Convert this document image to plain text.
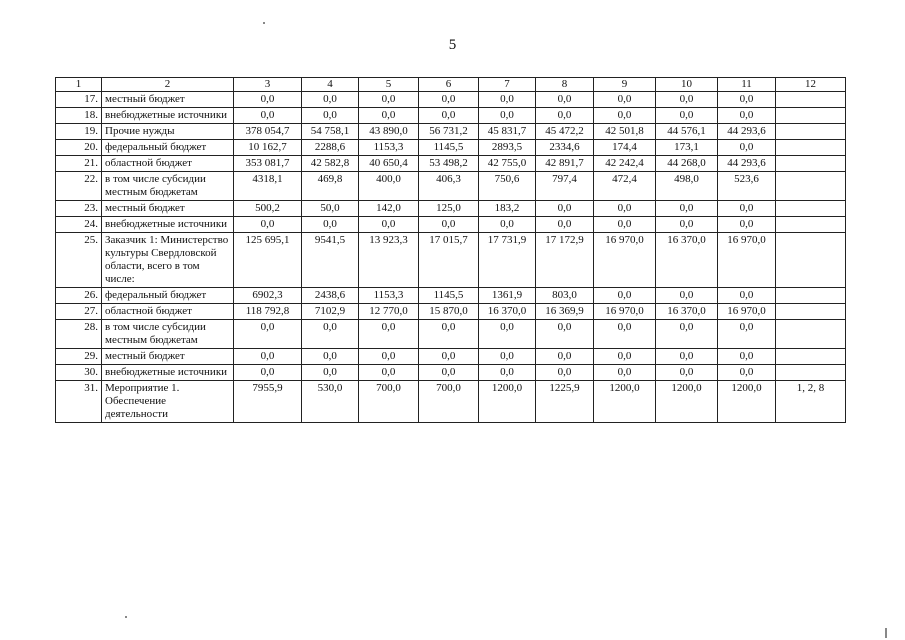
5
1	2	3	4	5	6	7	8	9	10	11	12
17.	местный бюджет	0,0	0,0	0,0	0,0	0,0	0,0	0,0	0,0	0,0	
18.	внебюджетные источники	0,0	0,0	0,0	0,0	0,0	0,0	0,0	0,0	0,0	
19.	Прочие нужды	378 054,7	54 758,1	43 890,0	56 731,2	45 831,7	45 472,2	42 501,8	44 576,1	44 293,6	
20.	федеральный бюджет	10 162,7	2288,6	1153,3	1145,5	2893,5	2334,6	174,4	173,1	0,0	
21.	областной бюджет	353 081,7	42 582,8	40 650,4	53 498,2	42 755,0	42 891,7	42 242,4	44 268,0	44 293,6	
22.	в том числе субсидии местным бюджетам	4318,1	469,8	400,0	406,3	750,6	797,4	472,4	498,0	523,6	
23.	местный бюджет	500,2	50,0	142,0	125,0	183,2	0,0	0,0	0,0	0,0	
24.	внебюджетные источники	0,0	0,0	0,0	0,0	0,0	0,0	0,0	0,0	0,0	
25.	Заказчик 1: Министерство культуры Свердловской области, всего в том числе:	125 695,1	9541,5	13 923,3	17 015,7	17 731,9	17 172,9	16 970,0	16 370,0	16 970,0	
26.	федеральный бюджет	6902,3	2438,6	1153,3	1145,5	1361,9	803,0	0,0	0,0	0,0	
27.	областной бюджет	118 792,8	7102,9	12 770,0	15 870,0	16 370,0	16 369,9	16 970,0	16 370,0	16 970,0	
28.	в том числе субсидии местным бюджетам	0,0	0,0	0,0	0,0	0,0	0,0	0,0	0,0	0,0	
29.	местный бюджет	0,0	0,0	0,0	0,0	0,0	0,0	0,0	0,0	0,0	
30.	внебюджетные источники	0,0	0,0	0,0	0,0	0,0	0,0	0,0	0,0	0,0	
31.	Мероприятие 1. Обеспечение деятельности	7955,9	530,0	700,0	700,0	1200,0	1225,9	1200,0	1200,0	1200,0	1, 2, 8
